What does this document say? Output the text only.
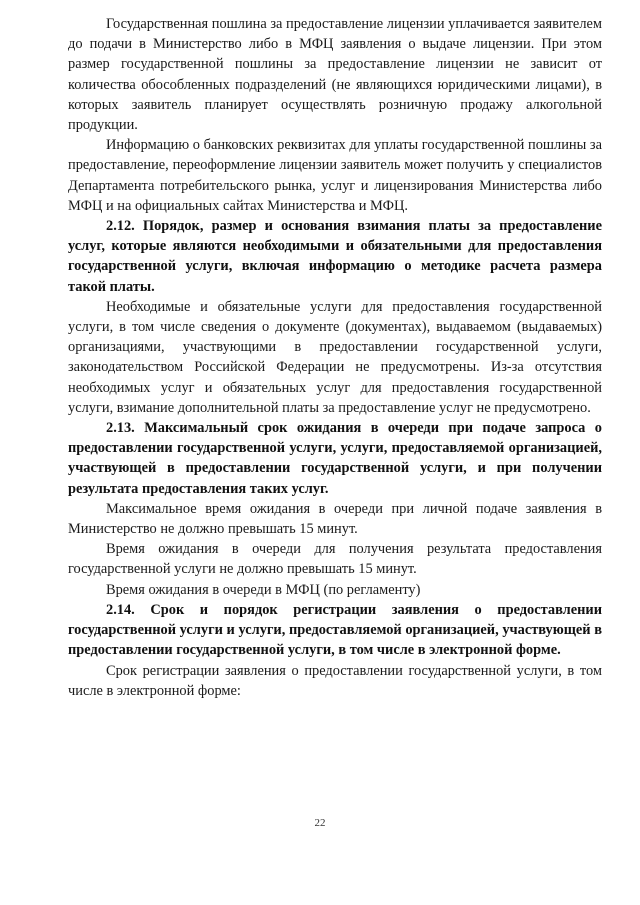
Государственная пошлина за предоставление лицензии уплачивается заявителем до подачи в Министерство либо в МФЦ заявления о выдаче лицензии. При этом размер государственной пошлины за предоставление лицензии не зависит от количества обособленных подразделений (не являющихся юридическими лицами), в которых заявитель планирует осуществлять розничную продажу алкогольной продукции.

Информацию о банковских реквизитах для уплаты государственной пошлины за предоставление, переоформление лицензии заявитель может получить у специалистов Департамента потребительского рынка, услуг и лицензирования Министерства либо МФЦ и на официальных сайтах Министерства и МФЦ.

2.12. Порядок, размер и основания взимания платы за предоставление услуг, которые являются необходимыми и обязательными для предоставления государственной услуги, включая информацию о методике расчета размера такой платы.

Необходимые и обязательные услуги для предоставления государственной услуги, в том числе сведения о документе (документах), выдаваемом (выдаваемых) организациями, участвующими в предоставлении государственной услуги, законодательством Российской Федерации не предусмотрены. Из-за отсутствия необходимых услуг и обязательных услуг для предоставления государственной услуги, взимание дополнительной платы за предоставление услуг не предусмотрено.

2.13. Максимальный срок ожидания в очереди при подаче запроса о предоставлении государственной услуги, услуги, предоставляемой организацией, участвующей в предоставлении государственной услуги, и при получении результата предоставления таких услуг.

Максимальное время ожидания в очереди при личной подаче заявления в Министерство не должно превышать 15 минут.

Время ожидания в очереди для получения результата предоставления государственной услуги не должно превышать 15 минут.

Время ожидания в очереди в МФЦ (по регламенту)

2.14. Срок и порядок регистрации заявления о предоставлении государственной услуги и услуги, предоставляемой организацией, участвующей в предоставлении государственной услуги, в том числе в электронной форме.

Срок регистрации заявления о предоставлении государственной услуги, в том числе в электронной форме:

22
